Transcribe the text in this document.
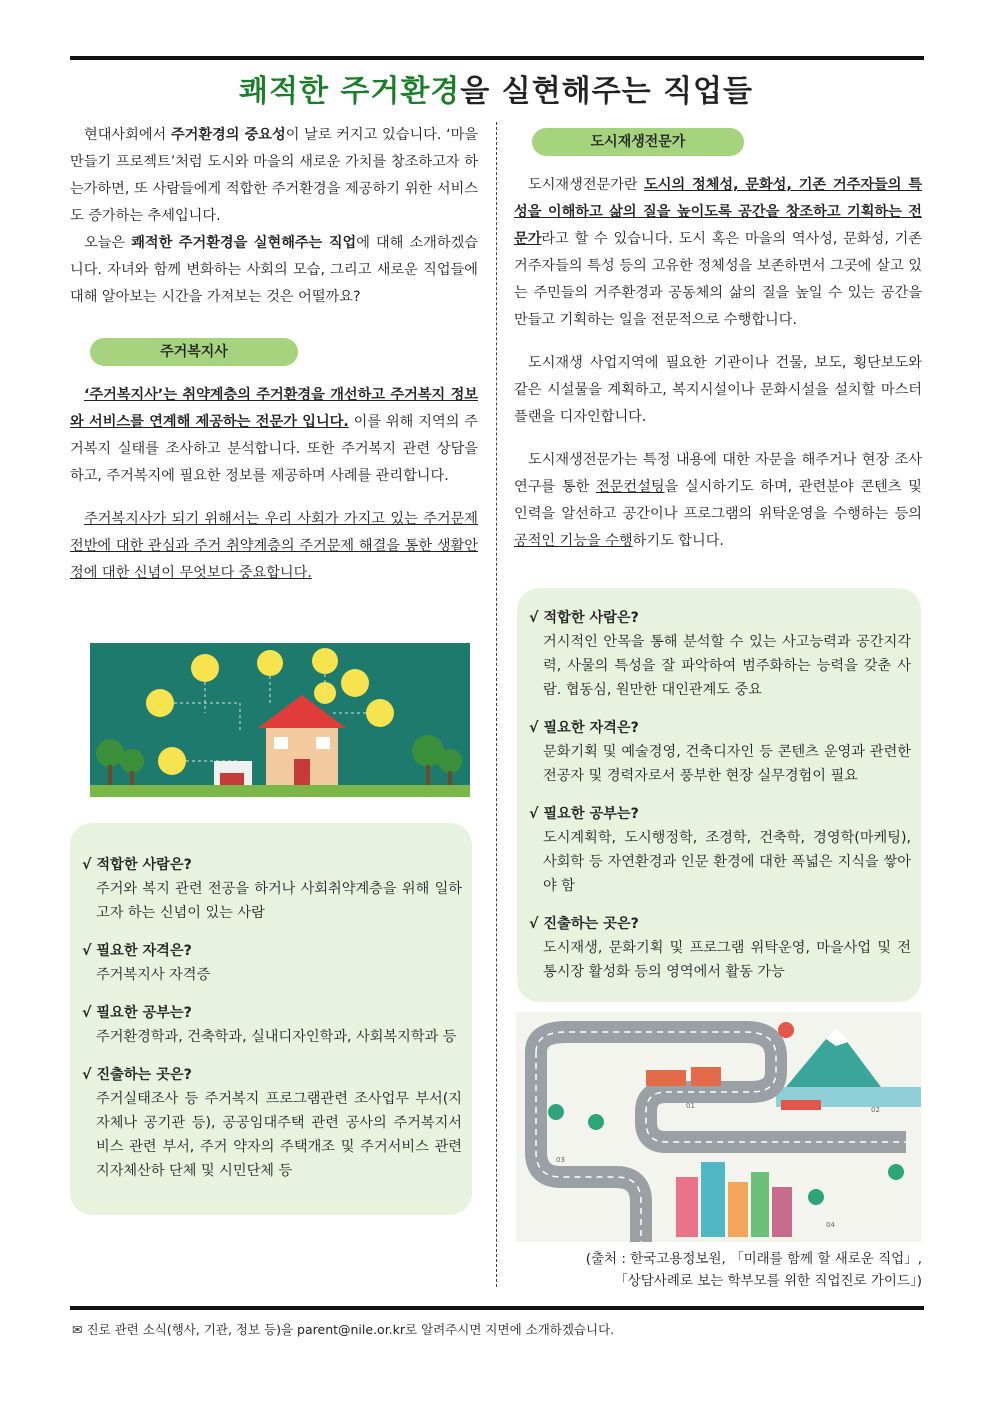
쾌적한 주거환경을 실현해주는 직업들

현대사회에서 주거환경의 중요성이 날로 커지고 있습니다. ‘마을 만들기 프로젝트’처럼 도시와 마을의 새로운 가치를 창조하고자 하는가하면, 또 사람들에게 적합한 주거환경을 제공하기 위한 서비스도 증가하는 추세입니다.

오늘은 쾌적한 주거환경을 실현해주는 직업에 대해 소개하겠습니다. 자녀와 함께 변화하는 사회의 모습, 그리고 새로운 직업들에 대해 알아보는 시간을 가져보는 것은 어떨까요?

주거복지사

‘주거복지사’는 취약계층의 주거환경을 개선하고 주거복지 정보와 서비스를 연계해 제공하는 전문가 입니다. 이를 위해 지역의 주거복지 실태를 조사하고 분석합니다. 또한 주거복지 관련 상담을 하고, 주거복지에 필요한 정보를 제공하며 사례를 관리합니다.

주거복지사가 되기 위해서는 우리 사회가 가지고 있는 주거문제 전반에 대한 관심과 주거 취약계층의 주거문제 해결을 통한 생활안정에 대한 신념이 무엇보다 중요합니다.

√ 적합한 사람은?
주거와 복지 관련 전공을 하거나 사회취약계층을 위해 일하고자 하는 신념이 있는 사람
√ 필요한 자격은?
주거복지사 자격증
√ 필요한 공부는?
주거환경학과, 건축학과, 실내디자인학과, 사회복지학과 등
√ 진출하는 곳은?
주거실태조사 등 주거복지 프로그램관련 조사업무 부서(지자체나 공기관 등), 공공임대주택 관련 공사의 주거복지서비스 관련 부서, 주거 약자의 주택개조 및 주거서비스 관련 지자체산하 단체 및 시민단체 등
도시재생전문가

도시재생전문가란 도시의 정체성, 문화성, 기존 거주자들의 특성을 이해하고 삶의 질을 높이도록 공간을 창조하고 기획하는 전문가라고 할 수 있습니다. 도시 혹은 마을의 역사성, 문화성, 기존 거주자들의 특성 등의 고유한 정체성을 보존하면서 그곳에 살고 있는 주민들의 거주환경과 공동체의 삶의 질을 높일 수 있는 공간을 만들고 기획하는 일을 전문적으로 수행합니다.

도시재생 사업지역에 필요한 기관이나 건물, 보도, 횡단보도와 같은 시설물을 계획하고, 복지시설이나 문화시설을 설치할 마스터플랜을 디자인합니다.

도시재생전문가는 특정 내용에 대한 자문을 해주거나 현장 조사연구를 통한 전문컨설팅을 실시하기도 하며, 관련분야 콘텐츠 및 인력을 알선하고 공간이나 프로그램의 위탁운영을 수행하는 등의 공적인 기능을 수행하기도 합니다.

√ 적합한 사람은?
거시적인 안목을 통해 분석할 수 있는 사고능력과 공간지각력, 사물의 특성을 잘 파악하여 범주화하는 능력을 갖춘 사람. 협동심, 원만한 대인관계도 중요
√ 필요한 자격은?
문화기획 및 예술경영, 건축디자인 등 콘텐츠 운영과 관련한 전공자 및 경력자로서 풍부한 현장 실무경험이 필요
√ 필요한 공부는?
도시계획학, 도시행정학, 조경학, 건축학, 경영학(마케팅), 사회학 등 자연환경과 인문 환경에 대한 폭넓은 지식을 쌓아야 함
√ 진출하는 곳은?
도시재생, 문화기획 및 프로그램 위탁운영, 마을사업 및 전통시장 활성화 등의 영역에서 활동 가능
01	02
03
04
(출처 : 한국고용정보원, 「미래를 함께 할 새로운 직업」,
「상담사례로 보는 학부모를 위한 직업진로 가이드」)
✉ 진로 관련 소식(행사, 기관, 정보 등)을 parent@nile.or.kr로 알려주시면 지면에 소개하겠습니다.
